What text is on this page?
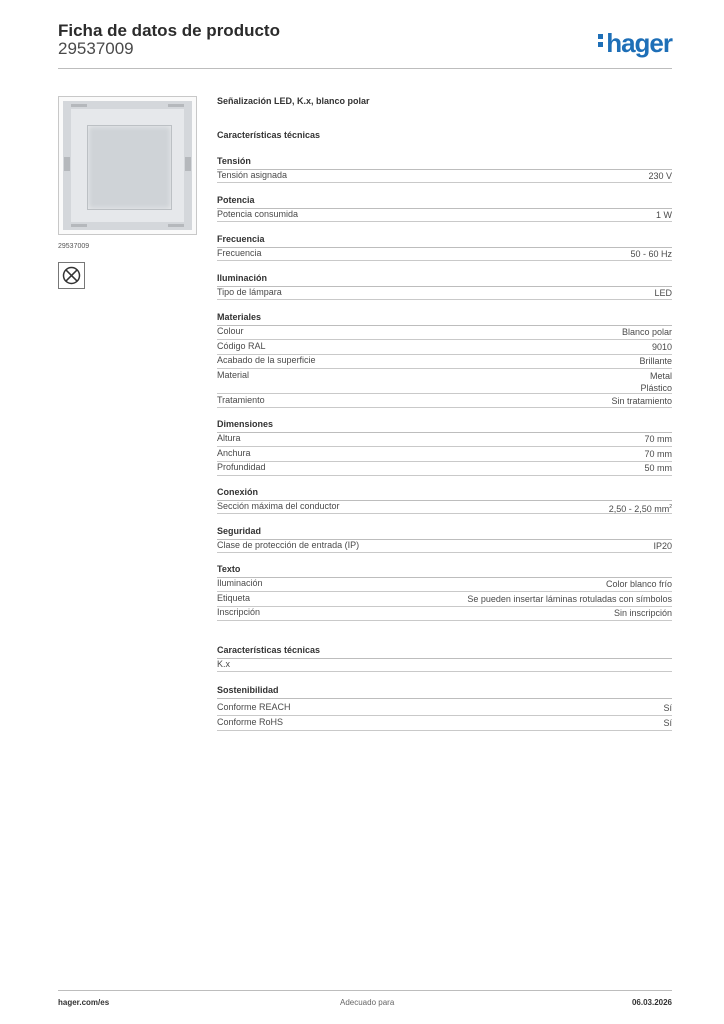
Ficha de datos de producto
29537009	hager
29537009
Señalización LED, K.x, blanco polar
Características técnicas
Tensión
Tensión asignada	230 V
Potencia
Potencia consumida	1 W
Frecuencia
Frecuencia	50 - 60 Hz
Iluminación
Tipo de lámpara	LED
Materiales
Colour	Blanco polar
Código RAL	9010
Acabado de la superficie	Brillante
Material	Metal
Plástico
Tratamiento	Sin tratamiento
Dimensiones
Altura	70 mm
Anchura	70 mm
Profundidad	50 mm
Conexión
Sección máxima del conductor	2,50 - 2,50 $mm^2$
Seguridad
Clase de protección de entrada (IP)	IP20
Texto
Iluminación	Color blanco frío
Etiqueta	Se pueden insertar láminas rotuladas con símbolos
Inscripción	Sin inscripción
Características técnicas
K.x
Sostenibilidad
Conforme REACH	Sí
Conforme RoHS	Sí
hager.com/es	Adecuado para	06.03.2026
